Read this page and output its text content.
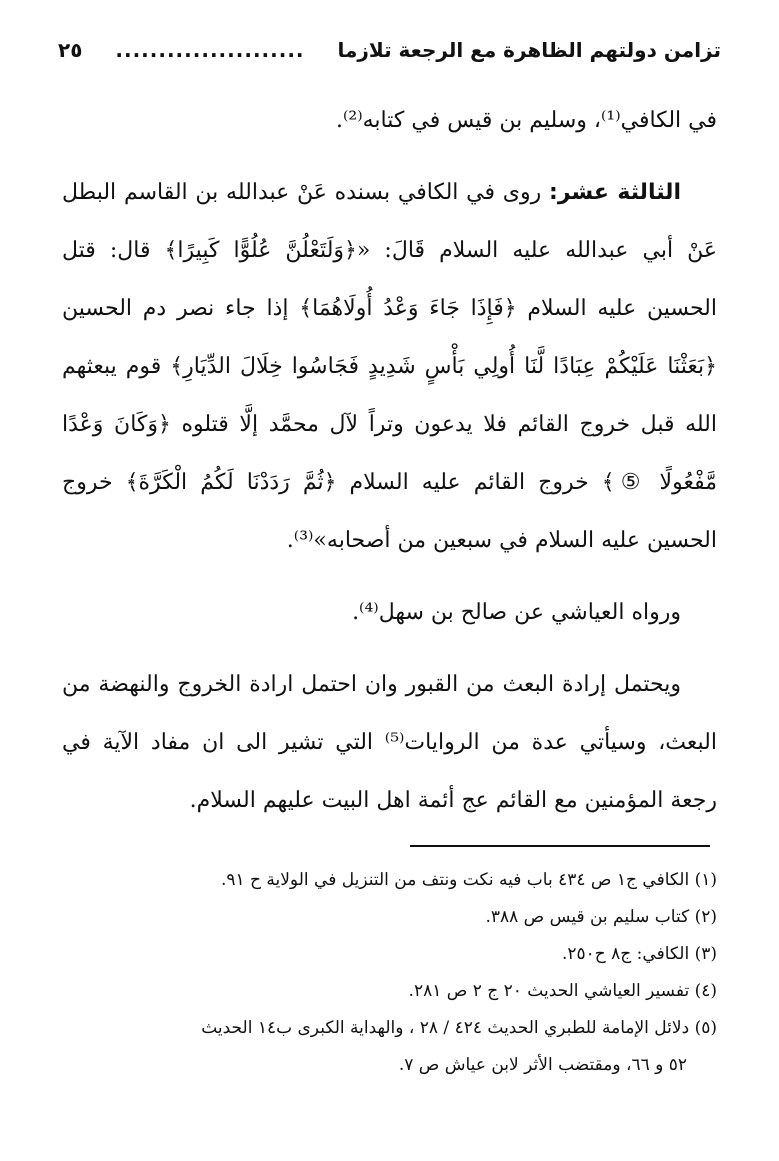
تزامن دولتهم الظاهرة مع الرجعة تلازما
......................
٢٥

في الكافي⁽¹⁾، وسليم بن قيس في كتابه⁽²⁾.

الثالثة عشر: روى في الكافي بسنده عَنْ عبدالله بن القاسم البطل عَنْ أبي عبدالله عليه السلام قَالَ: «﴿وَلَتَعْلُنَّ عُلُوًّا كَبِيرًا﴾ قال: قتل الحسين عليه السلام ﴿فَإِذَا جَاءَ وَعْدُ أُولَاهُمَا﴾ إذا جاء نصر دم الحسين ﴿بَعَثْنَا عَلَيْكُمْ عِبَادًا لَّنَا أُولِي بَأْسٍ شَدِيدٍ فَجَاسُوا خِلَالَ الدِّيَارِ﴾ قوم يبعثهم الله قبل خروج القائم فلا يدعون وتراً لآل محمَّد إلَّا قتلوه ﴿وَكَانَ وَعْدًا مَّفْعُولًا ⑤﴾ خروج القائم عليه السلام ﴿ثُمَّ رَدَدْنَا لَكُمُ الْكَرَّةَ﴾ خروج الحسين عليه السلام في سبعين من أصحابه»⁽³⁾.

ورواه العياشي عن صالح بن سهل⁽⁴⁾.

ويحتمل إرادة البعث من القبور وان احتمل ارادة الخروج والنهضة من البعث، وسيأتي عدة من الروايات⁽⁵⁾ التي تشير الى ان مفاد الآية في رجعة المؤمنين مع القائم عج أئمة اهل البيت عليهم السلام.

(١) الكافي ج١ ص ٤٣٤ باب فيه نكت ونتف من التنزيل في الولاية ح ٩١.
(٢) كتاب سليم بن قيس ص ٣٨٨.
(٣) الكافي: ج٨ ح٢٥٠.
(٤) تفسير العياشي الحديث ٢٠ ج ٢ ص ٢٨١.
(٥) دلائل الإمامة للطبري الحديث ٤٢٤ / ٢٨ ، والهداية الكبرى ب١٤ الحديث
٥٢ و ٦٦، ومقتضب الأثر لابن عياش ص ٧.
